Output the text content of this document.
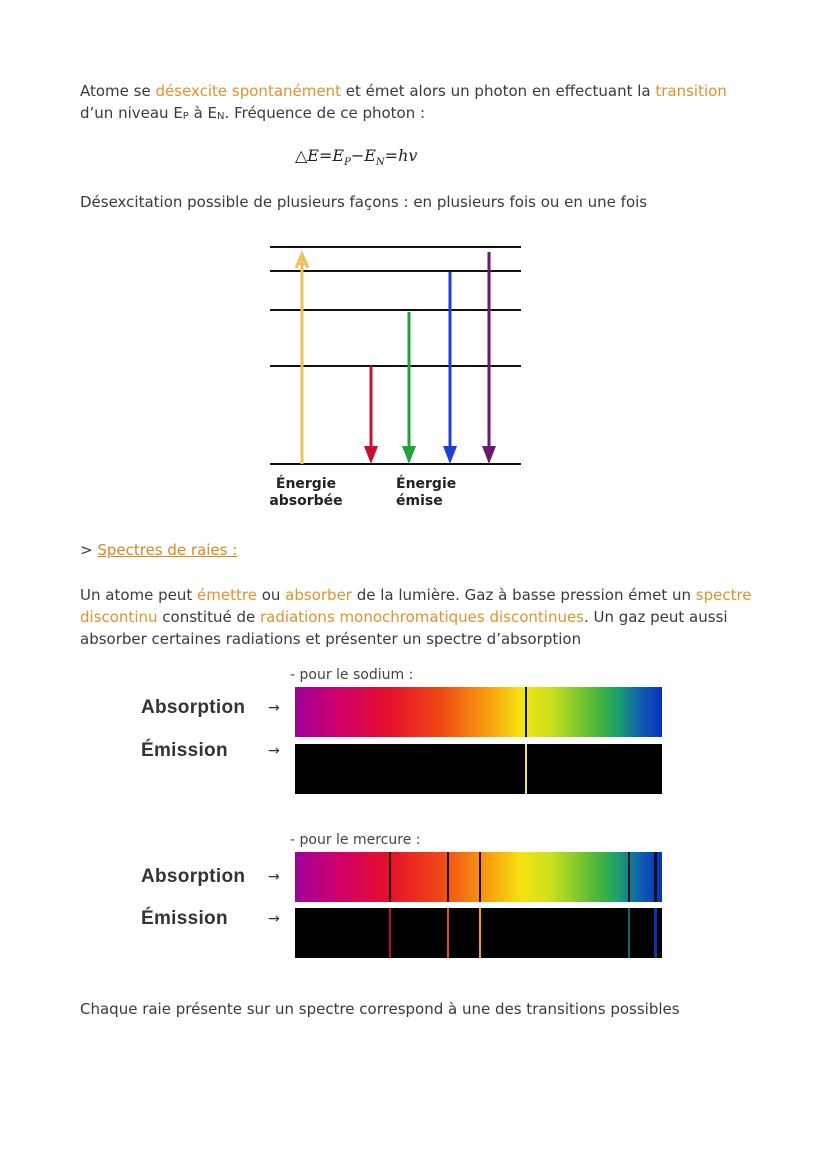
Atome se désexcite spontanément et émet alors un photon en effectuant la transition d’un niveau EP à EN. Fréquence de ce photon :
$\triangle E=E_P-E_N=hv$
Désexcitation possible de plusieurs façons : en plusieurs fois ou en une fois
Énergie
absorbée
Énergie
émise
> Spectres de raies :
Un atome peut émettre ou absorber de la lumière. Gaz à basse pression émet un spectre discontinu constitué de radiations monochromatiques discontinues. Un gaz peut aussi absorber certaines radiations et présenter un spectre d’absorption
- pour le sodium :
Absorption →
Émission	→
- pour le mercure :
Absorption →
Émission	→
Chaque raie présente sur un spectre correspond à une des transitions possibles
